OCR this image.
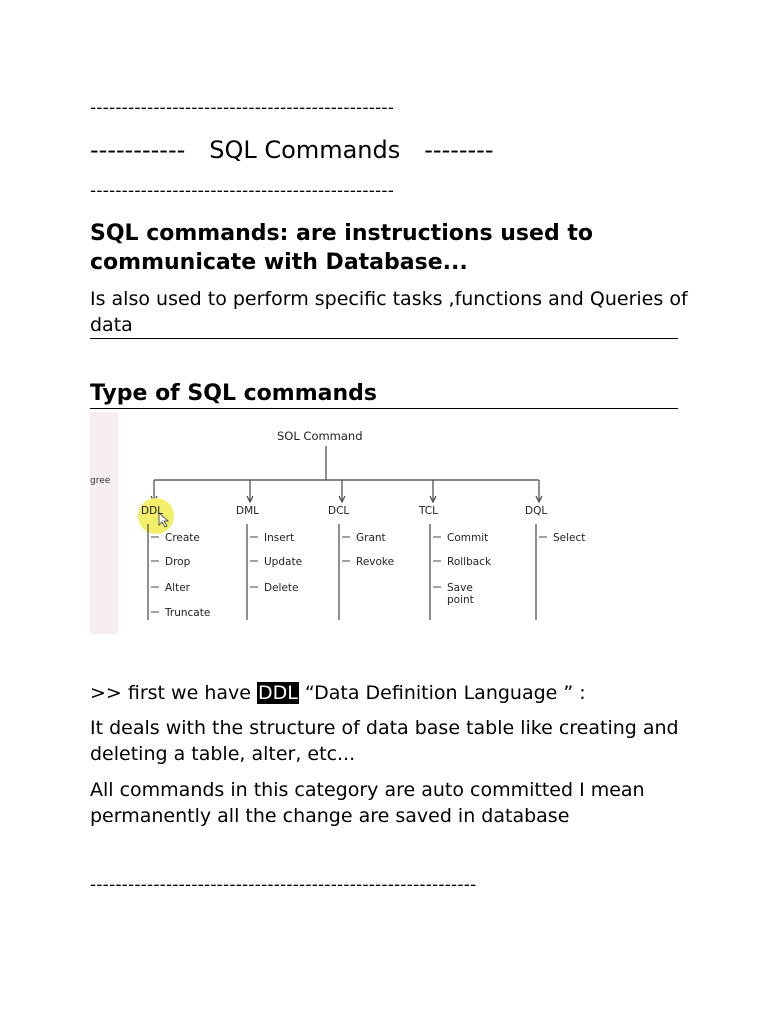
------------------------------------------------
----------- SQL Commands --------
------------------------------------------------
SQL commands: are instructions used to communicate with Database...
Is also used to perform specific tasks ,functions and Queries of data
Type of SQL commands
gree
SOL Command
DDL
Create
Drop
Alter
Truncate
DML
Insert
Update
Delete
DCL
Grant
Revoke
TCL
Commit
Rollback
Save
point
DQL
Select
>> first we have DDL “Data Definition Language ” :
It deals with the structure of data base table like creating and deleting a table, alter, etc...
All commands in this category are auto committed I mean permanently all the change are saved in database
-------------------------------------------------------------
